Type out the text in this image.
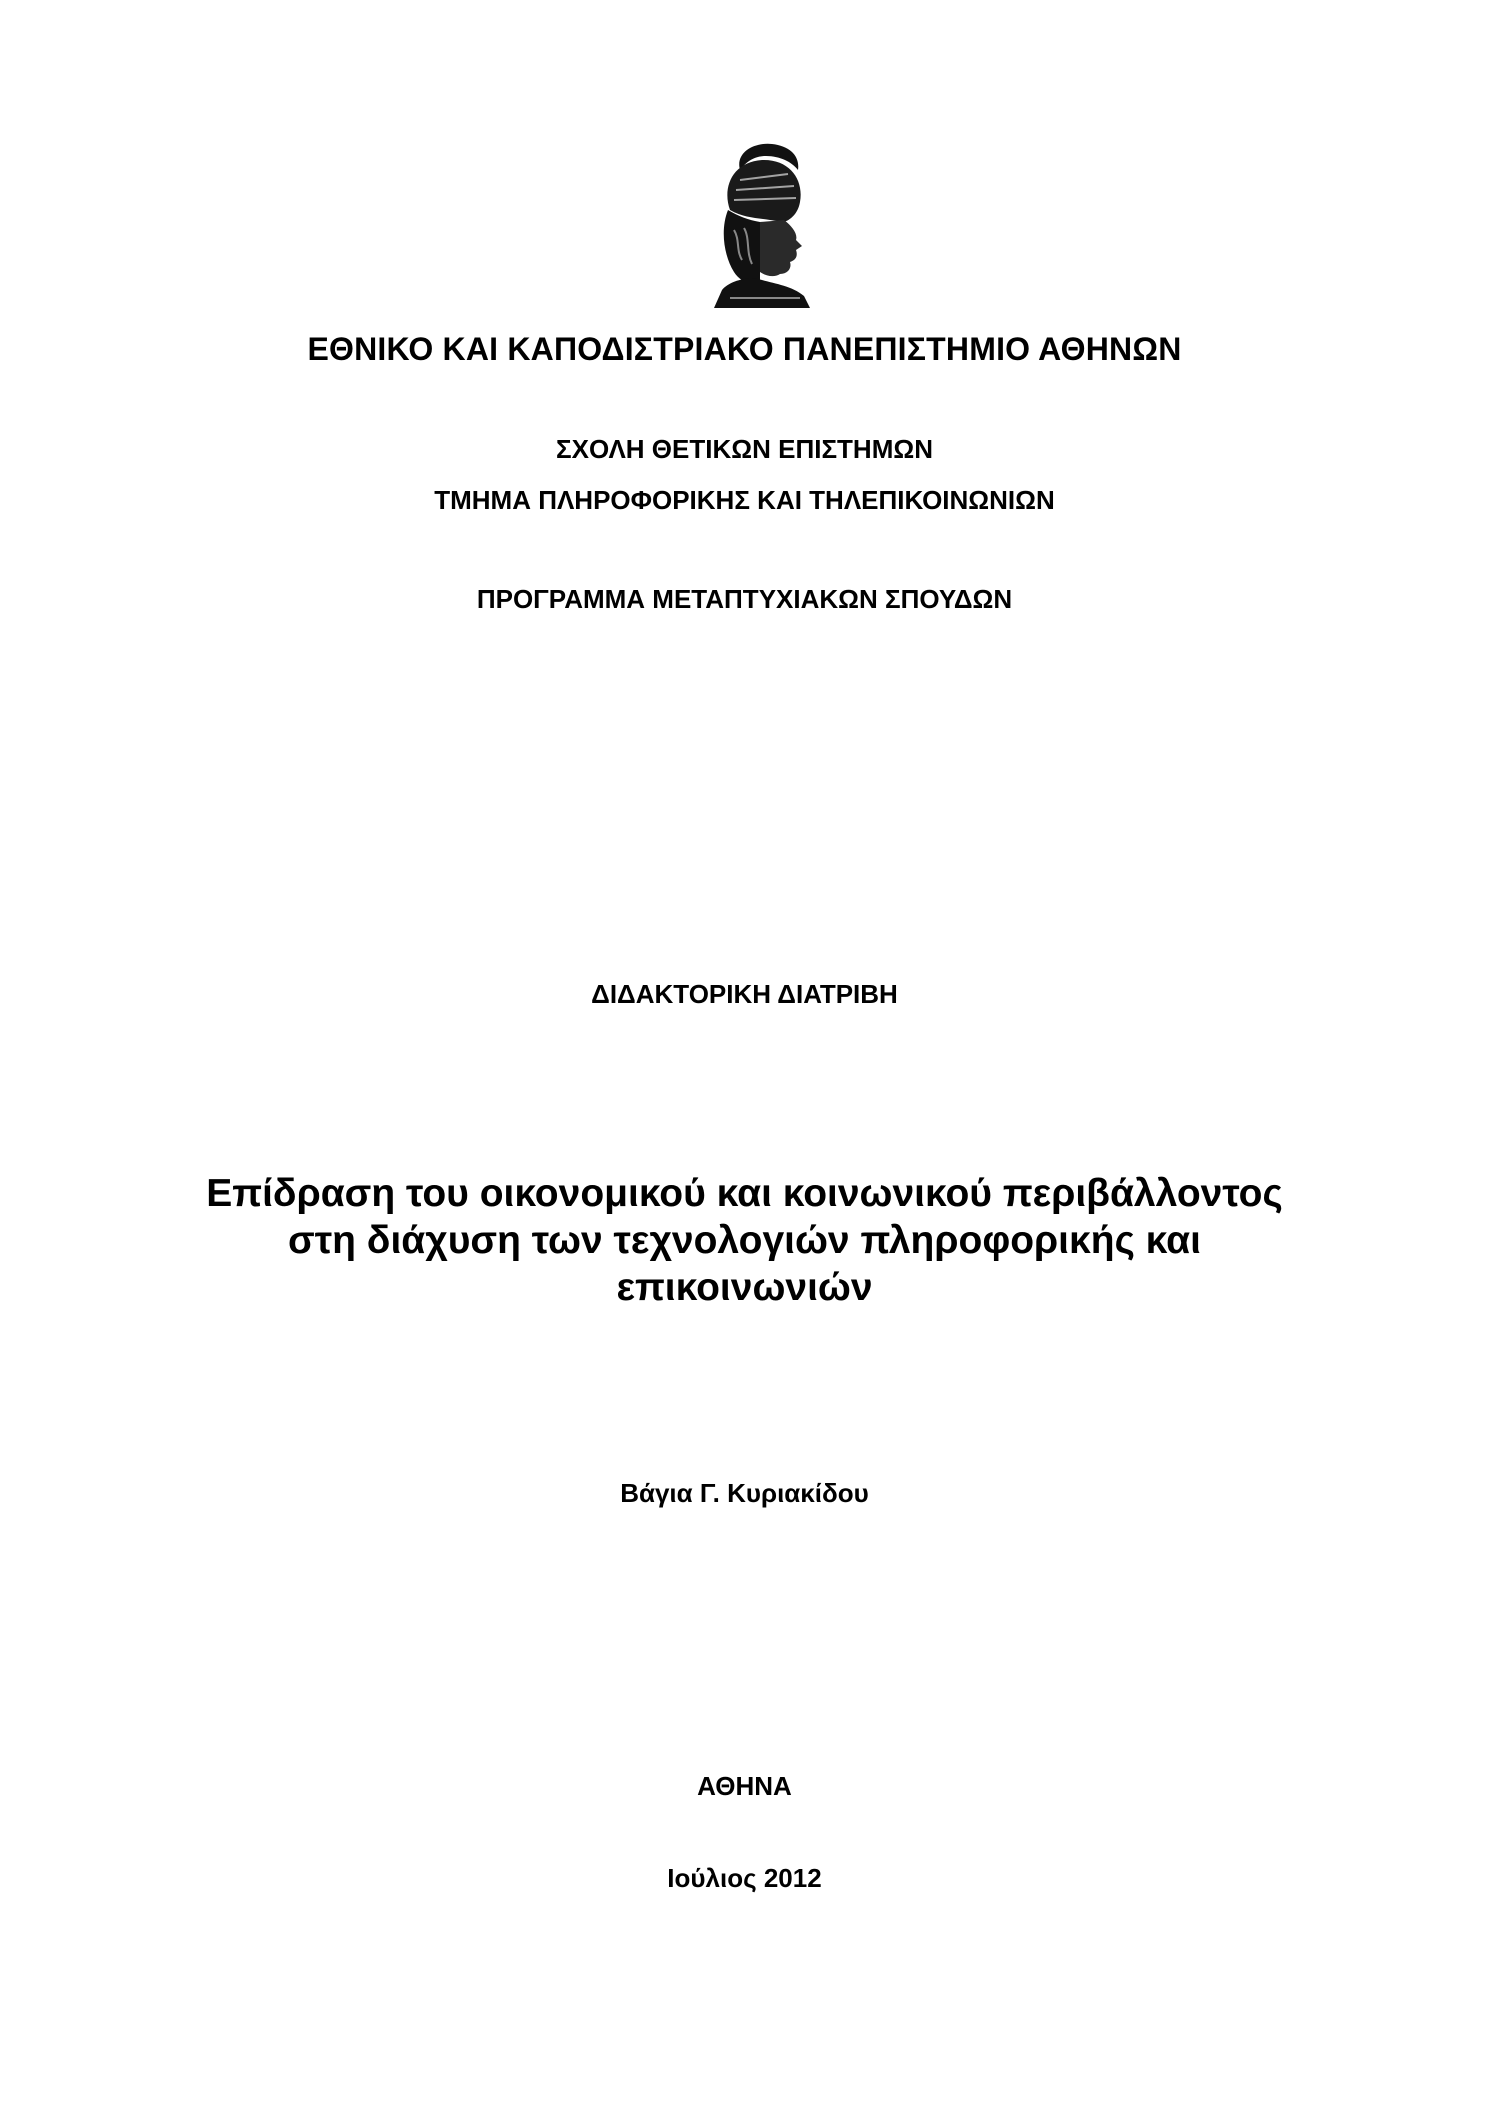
ΕΘΝΙΚΟ ΚΑΙ ΚΑΠΟΔΙΣΤΡΙΑΚΟ ΠΑΝΕΠΙΣΤΗΜΙΟ ΑΘΗΝΩΝ
ΣΧΟΛΗ ΘΕΤΙΚΩΝ ΕΠΙΣΤΗΜΩΝ
ΤΜΗΜΑ ΠΛΗΡΟΦΟΡΙΚΗΣ ΚΑΙ ΤΗΛΕΠΙΚΟΙΝΩΝΙΩΝ
ΠΡΟΓΡΑΜΜΑ ΜΕΤΑΠΤΥΧΙΑΚΩΝ ΣΠΟΥΔΩΝ
ΔΙΔΑΚΤΟΡΙΚΗ ΔΙΑΤΡΙΒΗ
Επίδραση του οικονομικού και κοινωνικού περιβάλλοντος
στη διάχυση των τεχνολογιών πληροφορικής και
επικοινωνιών
Βάγια Γ. Κυριακίδου
ΑΘΗΝΑ
Ιούλιος 2012
